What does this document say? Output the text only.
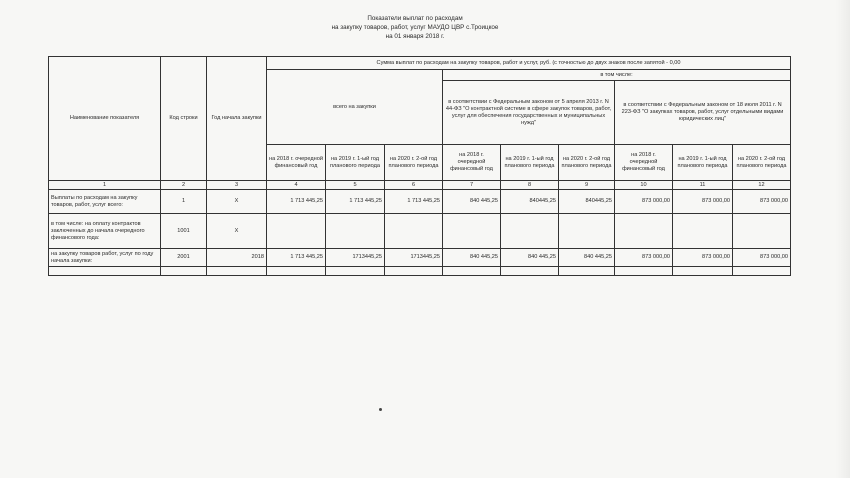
Показатели выплат по расходам
на закупку товаров, работ, услуг МАУДО ЦВР с.Троицкое
на 01 января 2018 г.
Наименование показателя	Код строки	Год начала закупки	Сумма выплат по расходам на закупку товаров, работ и услуг, руб. (с точностью до двух знаков после запятой - 0,00								
			всего на закупки			в том числе:					
						в соответствии с Федеральным законом от 5 апреля 2013 г. N 44-ФЗ "О контрактной системе в сфере закупок товаров, работ, услуг для обеспечения государственных и муниципальных нужд"			в соответствии с Федеральным законом от 18 июля 2011 г. N 223-ФЗ "О закупках товаров, работ, услуг отдельными видами юридических лиц"		
			на 2018 г. очередной финансовый год	на 2019 г. 1-ый год планового периода	на 2020 г. 2-ой год планового периода	на 2018 г. очередной финансовый год	на 2019 г. 1-ый год планового периода	на 2020 г. 2-ой год планового периода	на 2018 г. очередной финансовый год	на 2019 г. 1-ый год планового периода	на 2020 г. 2-ой год планового периода
1	2	3	4	5	6	7	8	9	10	11	12
Выплаты по расходам на закупку товаров, работ, услуг всего:	1	X	1 713 445,25	1 713 445,25	1 713 445,25	840 445,25	840445,25	840445,25	873 000,00	873 000,00	873 000,00
в том числе: на оплату контрактов заключенных до начала очередного финансового года:	1001	X									
на закупку товаров работ, услуг по году начала закупки:	2001	2018	1 713 445,25	1713445,25	1713445,25	840 445,25	840 445,25	840 445,25	873 000,00	873 000,00	873 000,00
